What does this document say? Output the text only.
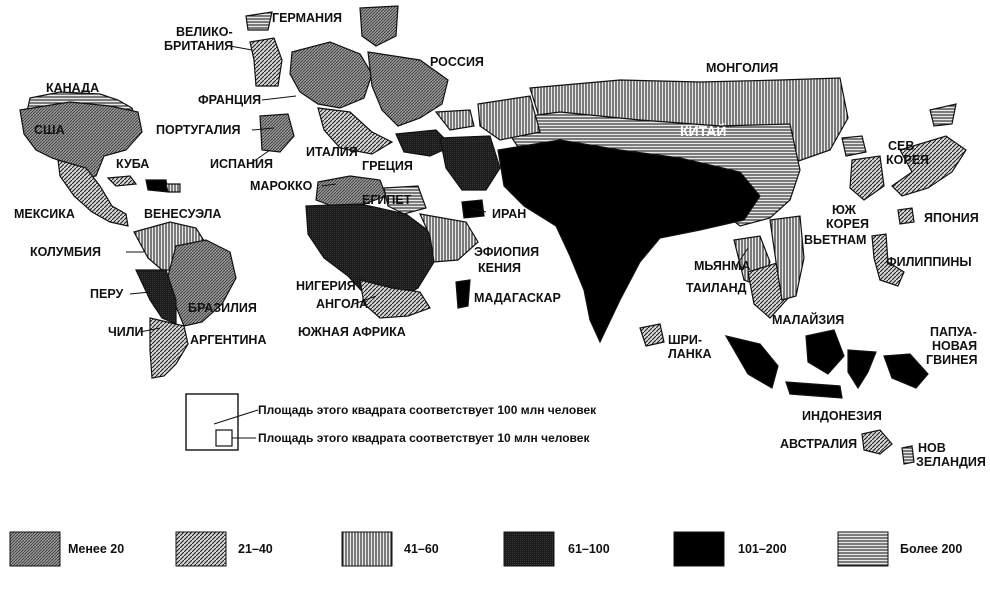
КАНАДА
США
КУБА
МЕКСИКА	ВЕНЕСУЭЛА
КОЛУМБИЯ
ПЕРУ
БРАЗИЛИЯ
ЧИЛИ
АРГЕНТИНА
ВЕЛИКО-
БРИТАНИЯ
ГЕРМАНИЯ
ФРАНЦИЯ
ПОРТУГАЛИЯ
ИСПАНИЯ
ИТАЛИЯ
ГРЕЦИЯ
РОССИЯ
МАРОККО
ЕГИПЕТ
ИРАН
ЭФИОПИЯ
КЕНИЯ
НИГЕРИЯ
АНГОЛА
ЮЖНАЯ АФРИКА
МАДАГАСКАР
МОНГОЛИЯ
КИТАЙ
СЕВ
КОРЕЯ
ЮЖ
КОРЕЯ	ЯПОНИЯ
ВЬЕТНАМ
ФИЛИППИНЫ
МЬЯНМА
ТАИЛАНД
МАЛАЙЗИЯ
ШРИ-
ЛАНКА
ПАПУА-
НОВАЯ
ГВИНЕЯ
ИНДОНЕЗИЯ
АВСТРАЛИЯ	НОВ
ЗЕЛАНДИЯ
Площадь этого квадрата соответствует 100 млн человек
Площадь этого квадрата соответствует 10 млн человек
Менее 20	21–40	41–60	61–100	101–200	Более 200
